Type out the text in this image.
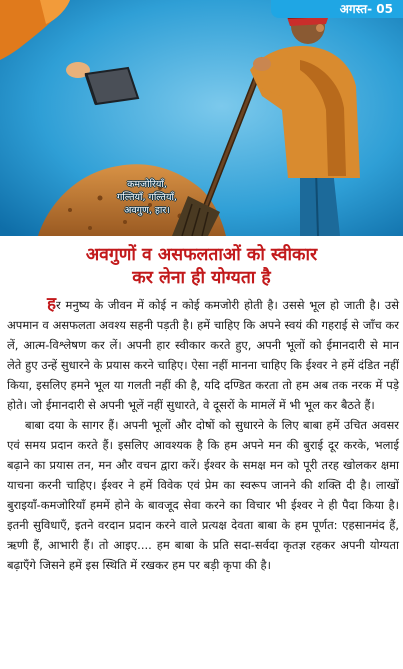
अगस्त- 05
कमजोरियाँ,
गल्तियाँ, गल्तियाँ,
अवगुण, हार।
अवगुणों व असफलताओं को स्वीकार
कर लेना ही योग्यता है

हर मनुष्य के जीवन में कोई न कोई कमजोरी होती है। उससे भूल हो जाती है। उसे अपमान व असफलता अवश्य सहनी पड़ती है। हमें चाहिए कि अपने स्वयं की गहराई से जाँच कर लें, आत्म-विश्लेषण कर लें। अपनी हार स्वीकार करते हुए, अपनी भूलों को ईमानदारी से मान लेते हुए उन्हें सुधारने के प्रयास करने चाहिए। ऐसा नहीं मानना चाहिए कि ईश्वर ने हमें दंडित नहीं किया, इसलिए हमने भूल या गलती नहीं की है, यदि दण्डित करता तो हम अब तक नरक में पड़े होते। जो ईमानदारी से अपनी भूलें नहीं सुधारते, वे दूसरों के मामलें में भी भूल कर बैठते हैं।

बाबा दया के सागर हैं। अपनी भूलों और दोषों को सुधारने के लिए बाबा हमें उचित अवसर एवं समय प्रदान करते हैं। इसलिए आवश्यक है कि हम अपने मन की बुराई दूर करके, भलाई बढ़ाने का प्रयास तन, मन और वचन द्वारा करें। ईश्वर के समक्ष मन को पूरी तरह खोलकर क्षमा याचना करनी चाहिए। ईश्वर ने हमें विवेक एवं प्रेम का स्वरूप जानने की शक्ति दी है। लाखों बुराइयाँ-कमजोरियाँ हममें होने के बावजूद सेवा करने का विचार भी ईश्वर ने ही पैदा किया है। इतनी सुविधाएँ, इतने वरदान प्रदान करने वाले प्रत्यक्ष देवता बाबा के हम पूर्णत: एहसानमंद हैं, ऋणी हैं, आभारी हैं। तो आइए.... हम बाबा के प्रति सदा-सर्वदा कृतज्ञ रहकर अपनी योग्यता बढ़ाएँगे जिसने हमें इस स्थिति में रखकर हम पर बड़ी कृपा की है।
